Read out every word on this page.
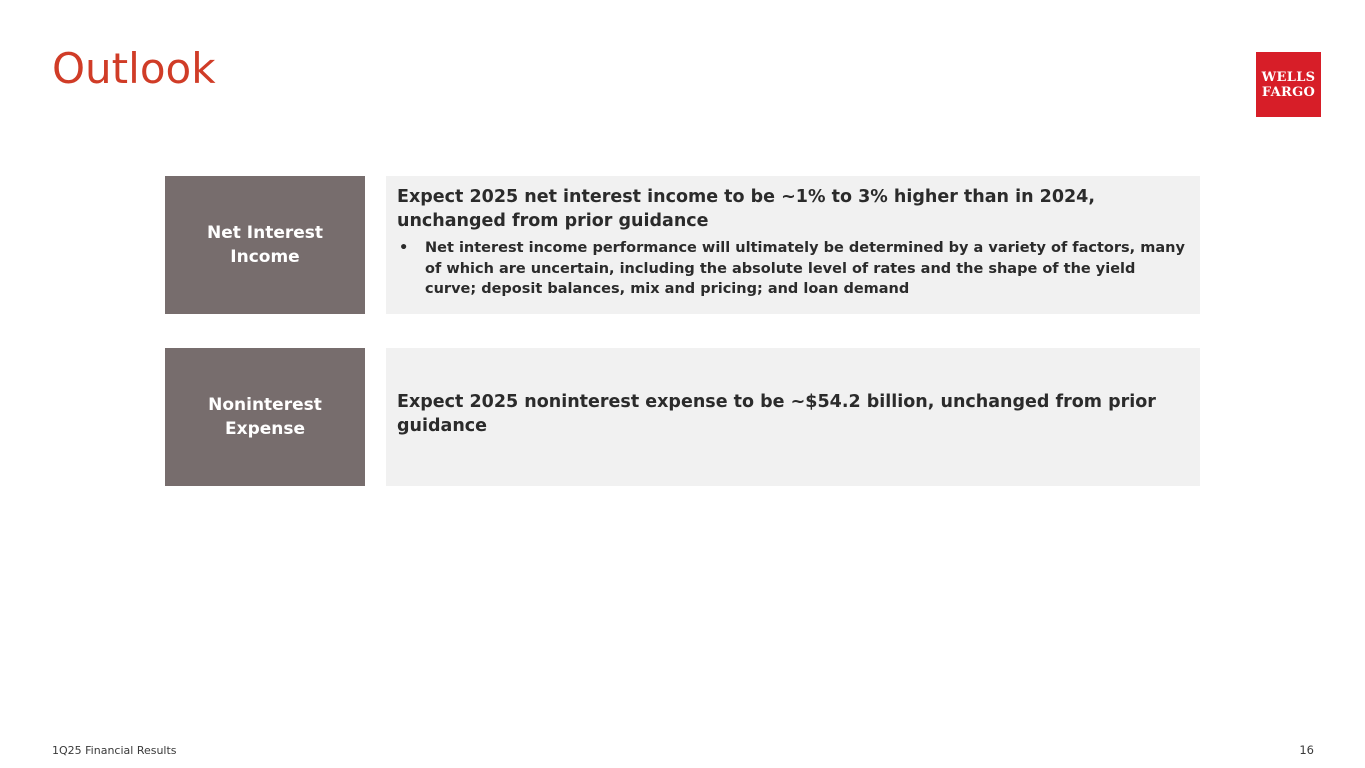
Outlook	WELLS
FARGO
Net Interest Income

Expect 2025 net interest income to be ~1% to 3% higher than in 2024, unchanged from prior guidance

•	Net interest income performance will ultimately be determined by a variety of factors, many of which are uncertain, including the absolute level of rates and the shape of the yield curve; deposit balances, mix and pricing; and loan demand
Noninterest Expense

Expect 2025 noninterest expense to be ~$54.2 billion, unchanged from prior guidance

1Q25 Financial Results	16
